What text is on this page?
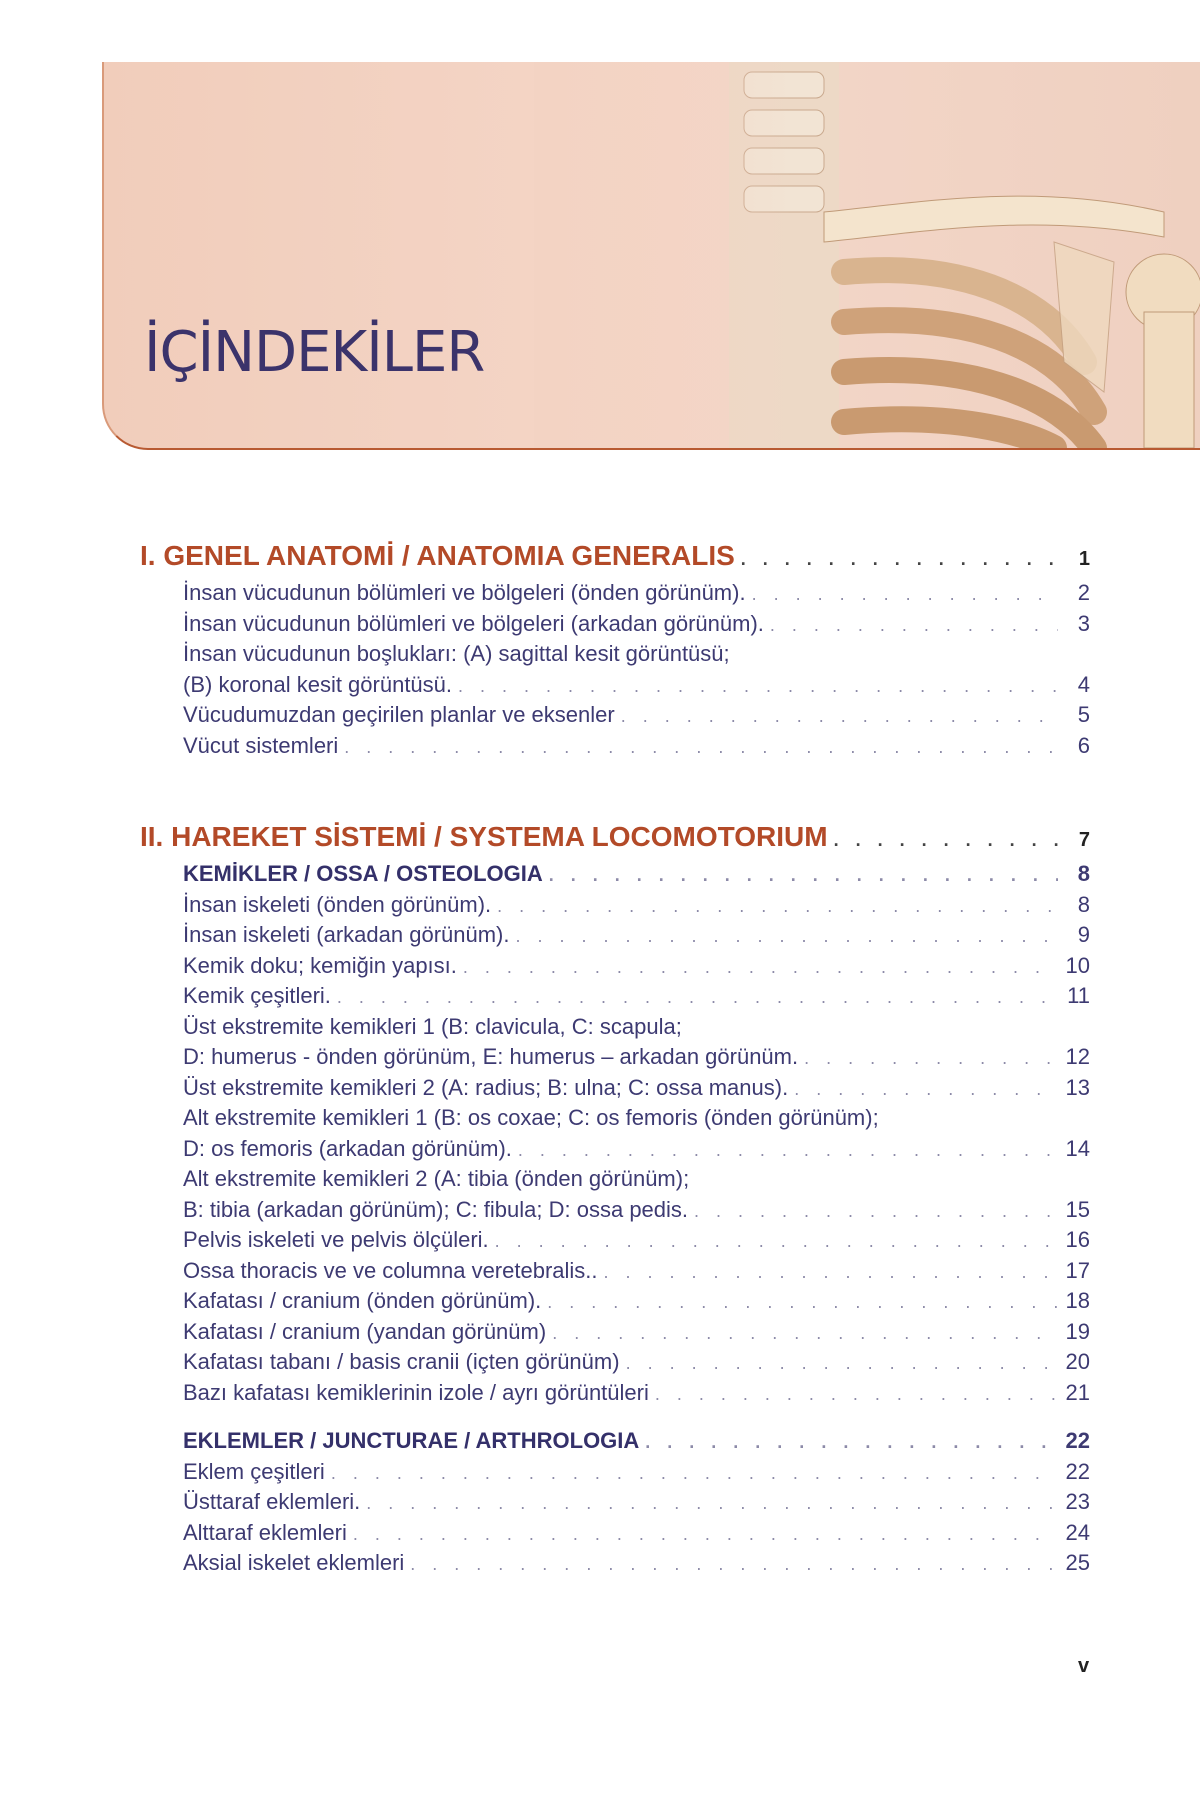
İÇİNDEKİLER
I. GENEL ANATOMİ / ANATOMIA GENERALIS . . .	1
İnsan vücudunun bölümleri ve bölgeleri (önden görünüm). . . .	2
İnsan vücudunun bölümleri ve bölgeleri (arkadan görünüm). . . .	3
İnsan vücudunun boşlukları: (A) sagittal kesit görüntüsü;
(B) koronal kesit görüntüsü. . . .	4
Vücudumuzdan geçirilen planlar ve eksenler . . .	5
Vücut sistemleri . . .	6
II. HAREKET SİSTEMİ / SYSTEMA LOCOMOTORIUM . . .	7
KEMİKLER / OSSA / OSTEOLOGIA . . .	8
İnsan iskeleti (önden görünüm). . . .	8
İnsan iskeleti (arkadan görünüm). . . .	9
Kemik doku; kemiğin yapısı. . . .	10
Kemik çeşitleri. . . .	11
Üst ekstremite kemikleri 1 (B: clavicula, C: scapula;
D: humerus - önden görünüm, E: humerus – arkadan görünüm. . . .	12
Üst ekstremite kemikleri 2 (A: radius; B: ulna; C: ossa manus). . . .	13
Alt ekstremite kemikleri 1 (B: os coxae; C: os femoris (önden görünüm);
D: os femoris (arkadan görünüm). . . .	14
Alt ekstremite kemikleri 2 (A: tibia (önden görünüm);
B: tibia (arkadan görünüm); C: fibula; D: ossa pedis. . . .	15
Pelvis iskeleti ve pelvis ölçüleri. . . .	16
Ossa thoracis ve ve columna veretebralis.. . . .	17
Kafatası / cranium (önden görünüm). . . .	18
Kafatası / cranium (yandan görünüm) . . .	19
Kafatası tabanı / basis cranii (içten görünüm) . . .	20
Bazı kafatası kemiklerinin izole / ayrı görüntüleri . . .	21
EKLEMLER / JUNCTURAE / ARTHROLOGIA . . .	22
Eklem çeşitleri . . .	22
Üsttaraf eklemleri. . . .	23
Alttaraf eklemleri . . .	24
Aksial iskelet eklemleri . . .	25
v
